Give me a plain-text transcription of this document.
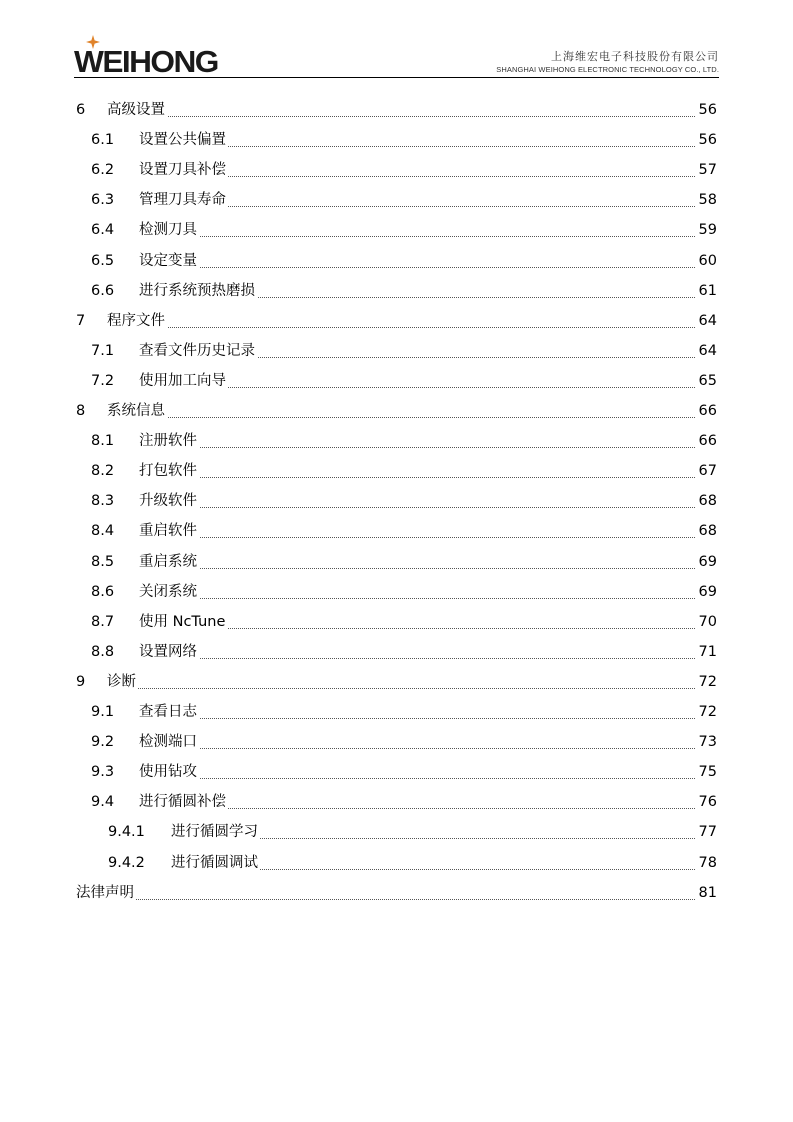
WEIHONG	上海维宏电子科技股份有限公司
SHANGHAI WEIHONG ELECTRONIC TECHNOLOGY CO., LTD.
6 高级设置	56
6.1 设置公共偏置	56
6.2 设置刀具补偿	57
6.3 管理刀具寿命	58
6.4 检测刀具	59
6.5 设定变量	60
6.6 进行系统预热磨损	61
7 程序文件	64
7.1 查看文件历史记录	64
7.2 使用加工向导	65
8 系统信息	66
8.1 注册软件	66
8.2 打包软件	67
8.3 升级软件	68
8.4 重启软件	68
8.5 重启系统	69
8.6 关闭系统	69
8.7 使用 NcTune	70
8.8 设置网络	71
9 诊断	72
9.1 查看日志	72
9.2 检测端口	73
9.3 使用钻攻	75
9.4 进行循圆补偿	76
9.4.1 进行循圆学习	77
9.4.2 进行循圆调试	78
法律声明	81
